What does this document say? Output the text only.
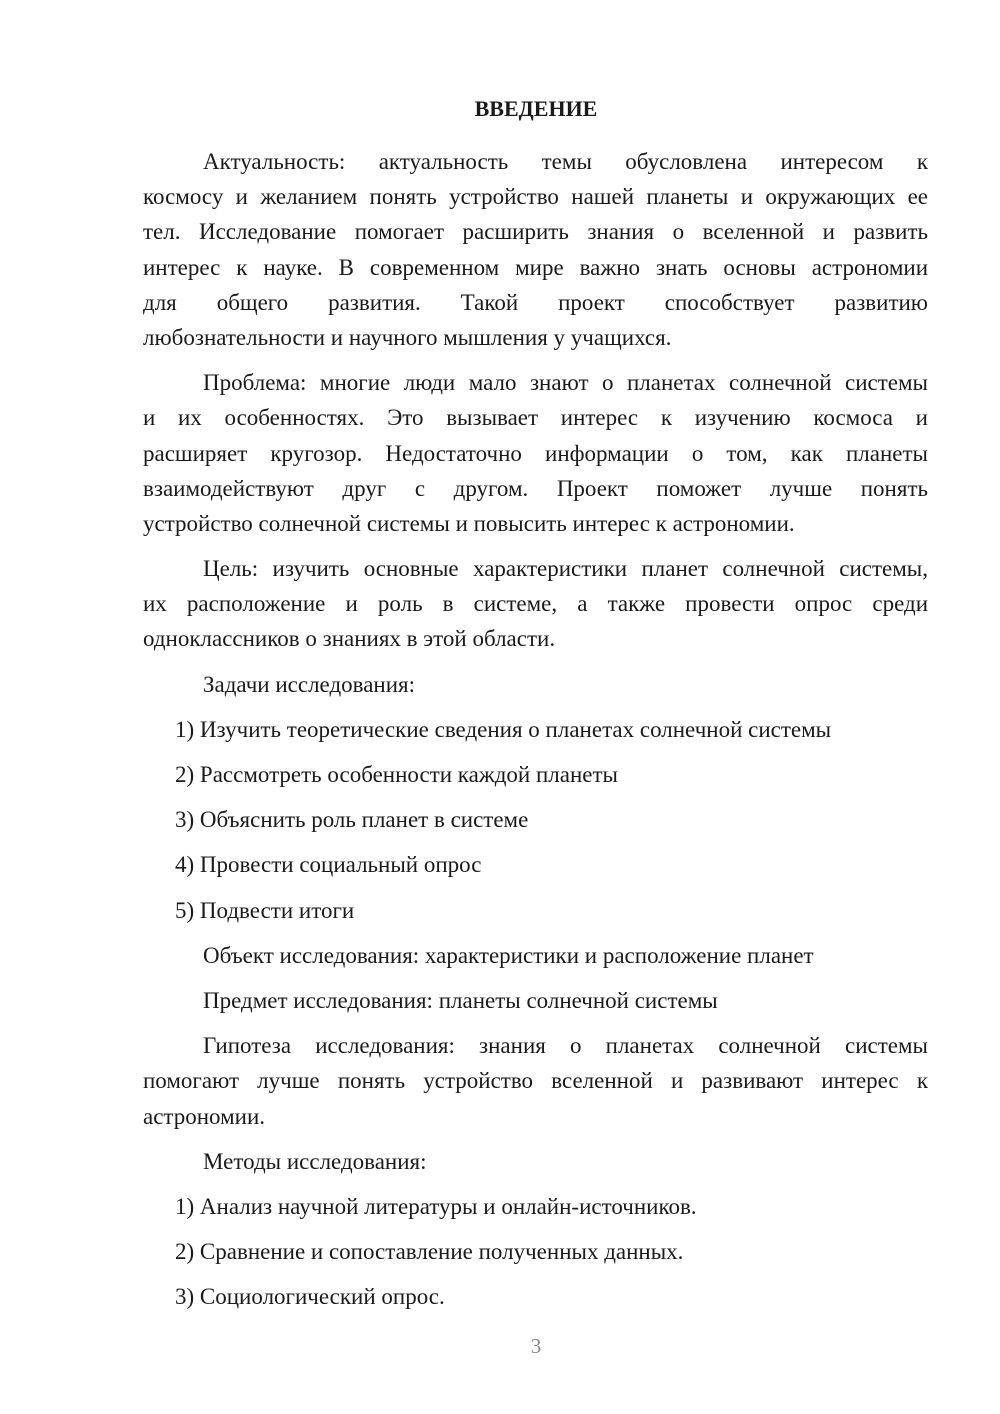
ВВЕДЕНИЕ
Актуальность: актуальность темы обусловлена интересом к
космосу и желанием понять устройство нашей планеты и окружающих ее
тел. Исследование помогает расширить знания о вселенной и развить
интерес к науке. В современном мире важно знать основы астрономии
для общего развития. Такой проект способствует развитию
любознательности и научного мышления у учащихся.
Проблема: многие люди мало знают о планетах солнечной системы
и их особенностях. Это вызывает интерес к изучению космоса и
расширяет кругозор. Недостаточно информации о том, как планеты
взаимодействуют друг с другом. Проект поможет лучше понять
устройство солнечной системы и повысить интерес к астрономии.
Цель: изучить основные характеристики планет солнечной системы,
их расположение и роль в системе, а также провести опрос среди
одноклассников о знаниях в этой области.
Задачи исследования:
1) Изучить теоретические сведения о планетах солнечной системы
2) Рассмотреть особенности каждой планеты
3) Объяснить роль планет в системе
4) Провести социальный опрос
5) Подвести итоги
Объект исследования: характеристики и расположение планет
Предмет исследования: планеты солнечной системы
Гипотеза исследования: знания о планетах солнечной системы
помогают лучше понять устройство вселенной и развивают интерес к
астрономии.
Методы исследования:
1) Анализ научной литературы и онлайн-источников.
2) Сравнение и сопоставление полученных данных.
3) Социологический опрос.
3
